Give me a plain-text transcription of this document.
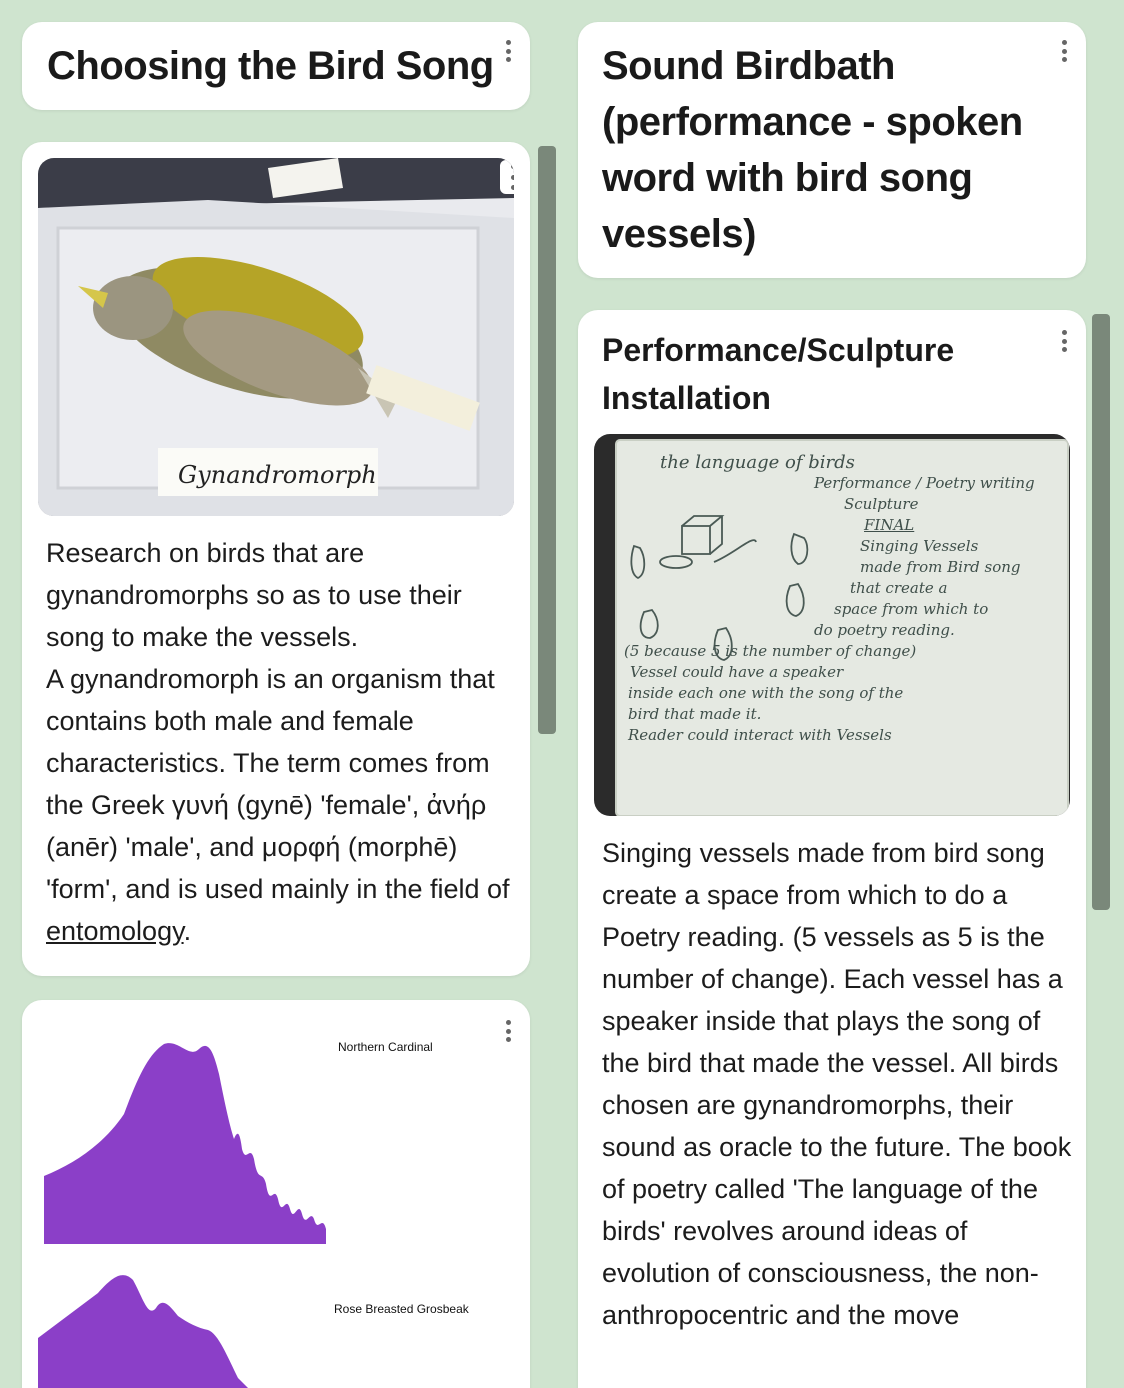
Choosing the Bird Song
Gynandromorph

Research on birds that are gynandromorphs so as to use their song to make the vessels.

A gynandromorph is an organism that contains both male and female characteristics. The term comes from the Greek γυνή (gynē) 'female', ἀνήρ (anēr) 'male', and μορφή (morphē) 'form', and is used mainly in the field of entomology.

Northern Cardinal
Rose Breasted Grosbeak
Sound Birdbath (performance - spoken word with bird song vessels)
Performance/Sculpture Installation
the language of birds
Performance / Poetry writing
Sculpture
FINAL
Singing Vessels
made from Bird song
that create a
space from which to
do poetry reading.
(5 because 5 is the number of change)
Vessel could have a speaker
inside each one with the song of the
bird that made it.
Reader could interact with Vessels
Singing vessels made from bird song create a space from which to do a Poetry reading. (5 vessels as 5 is the number of change). Each vessel has a speaker inside that plays the song of the bird that made the vessel. All birds chosen are gynandromorphs, their sound as oracle to the future. The book of poetry called 'The language of the birds' revolves around ideas of evolution of consciousness, the non-anthropocentric and the move
